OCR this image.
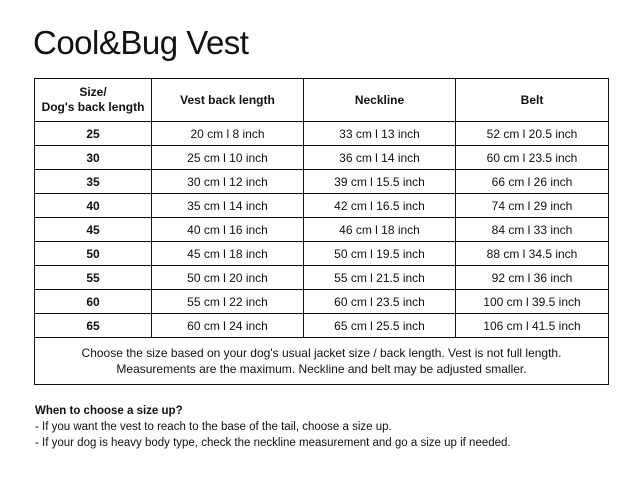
Cool&Bug Vest
Size/
Dog's back length	Vest back length	Neckline	Belt
25	20 cm l 8 inch	33 cm l 13 inch	52 cm l 20.5 inch
30	25 cm l 10 inch	36 cm l 14 inch	60 cm l 23.5 inch
35	30 cm l 12 inch	39 cm l 15.5 inch	66 cm l 26 inch
40	35 cm l 14 inch	42 cm l 16.5 inch	74 cm l 29 inch
45	40 cm l 16 inch	46 cm l 18 inch	84 cm l 33 inch
50	45 cm l 18 inch	50 cm l 19.5 inch	88 cm l 34.5 inch
55	50 cm l 20 inch	55 cm l 21.5 inch	92 cm l 36 inch
60	55 cm l 22 inch	60 cm l 23.5 inch	100 cm l 39.5 inch
65	60 cm l 24 inch	65 cm l 25.5 inch	106 cm l 41.5 inch
Choose the size based on your dog's usual jacket size / back length. Vest is not full length.
Measurements are the maximum. Neckline and belt may be adjusted smaller.			
When to choose a size up?
- If you want the vest to reach to the base of the tail, choose a size up.
- If your dog is heavy body type, check the neckline measurement and go a size up if needed.
